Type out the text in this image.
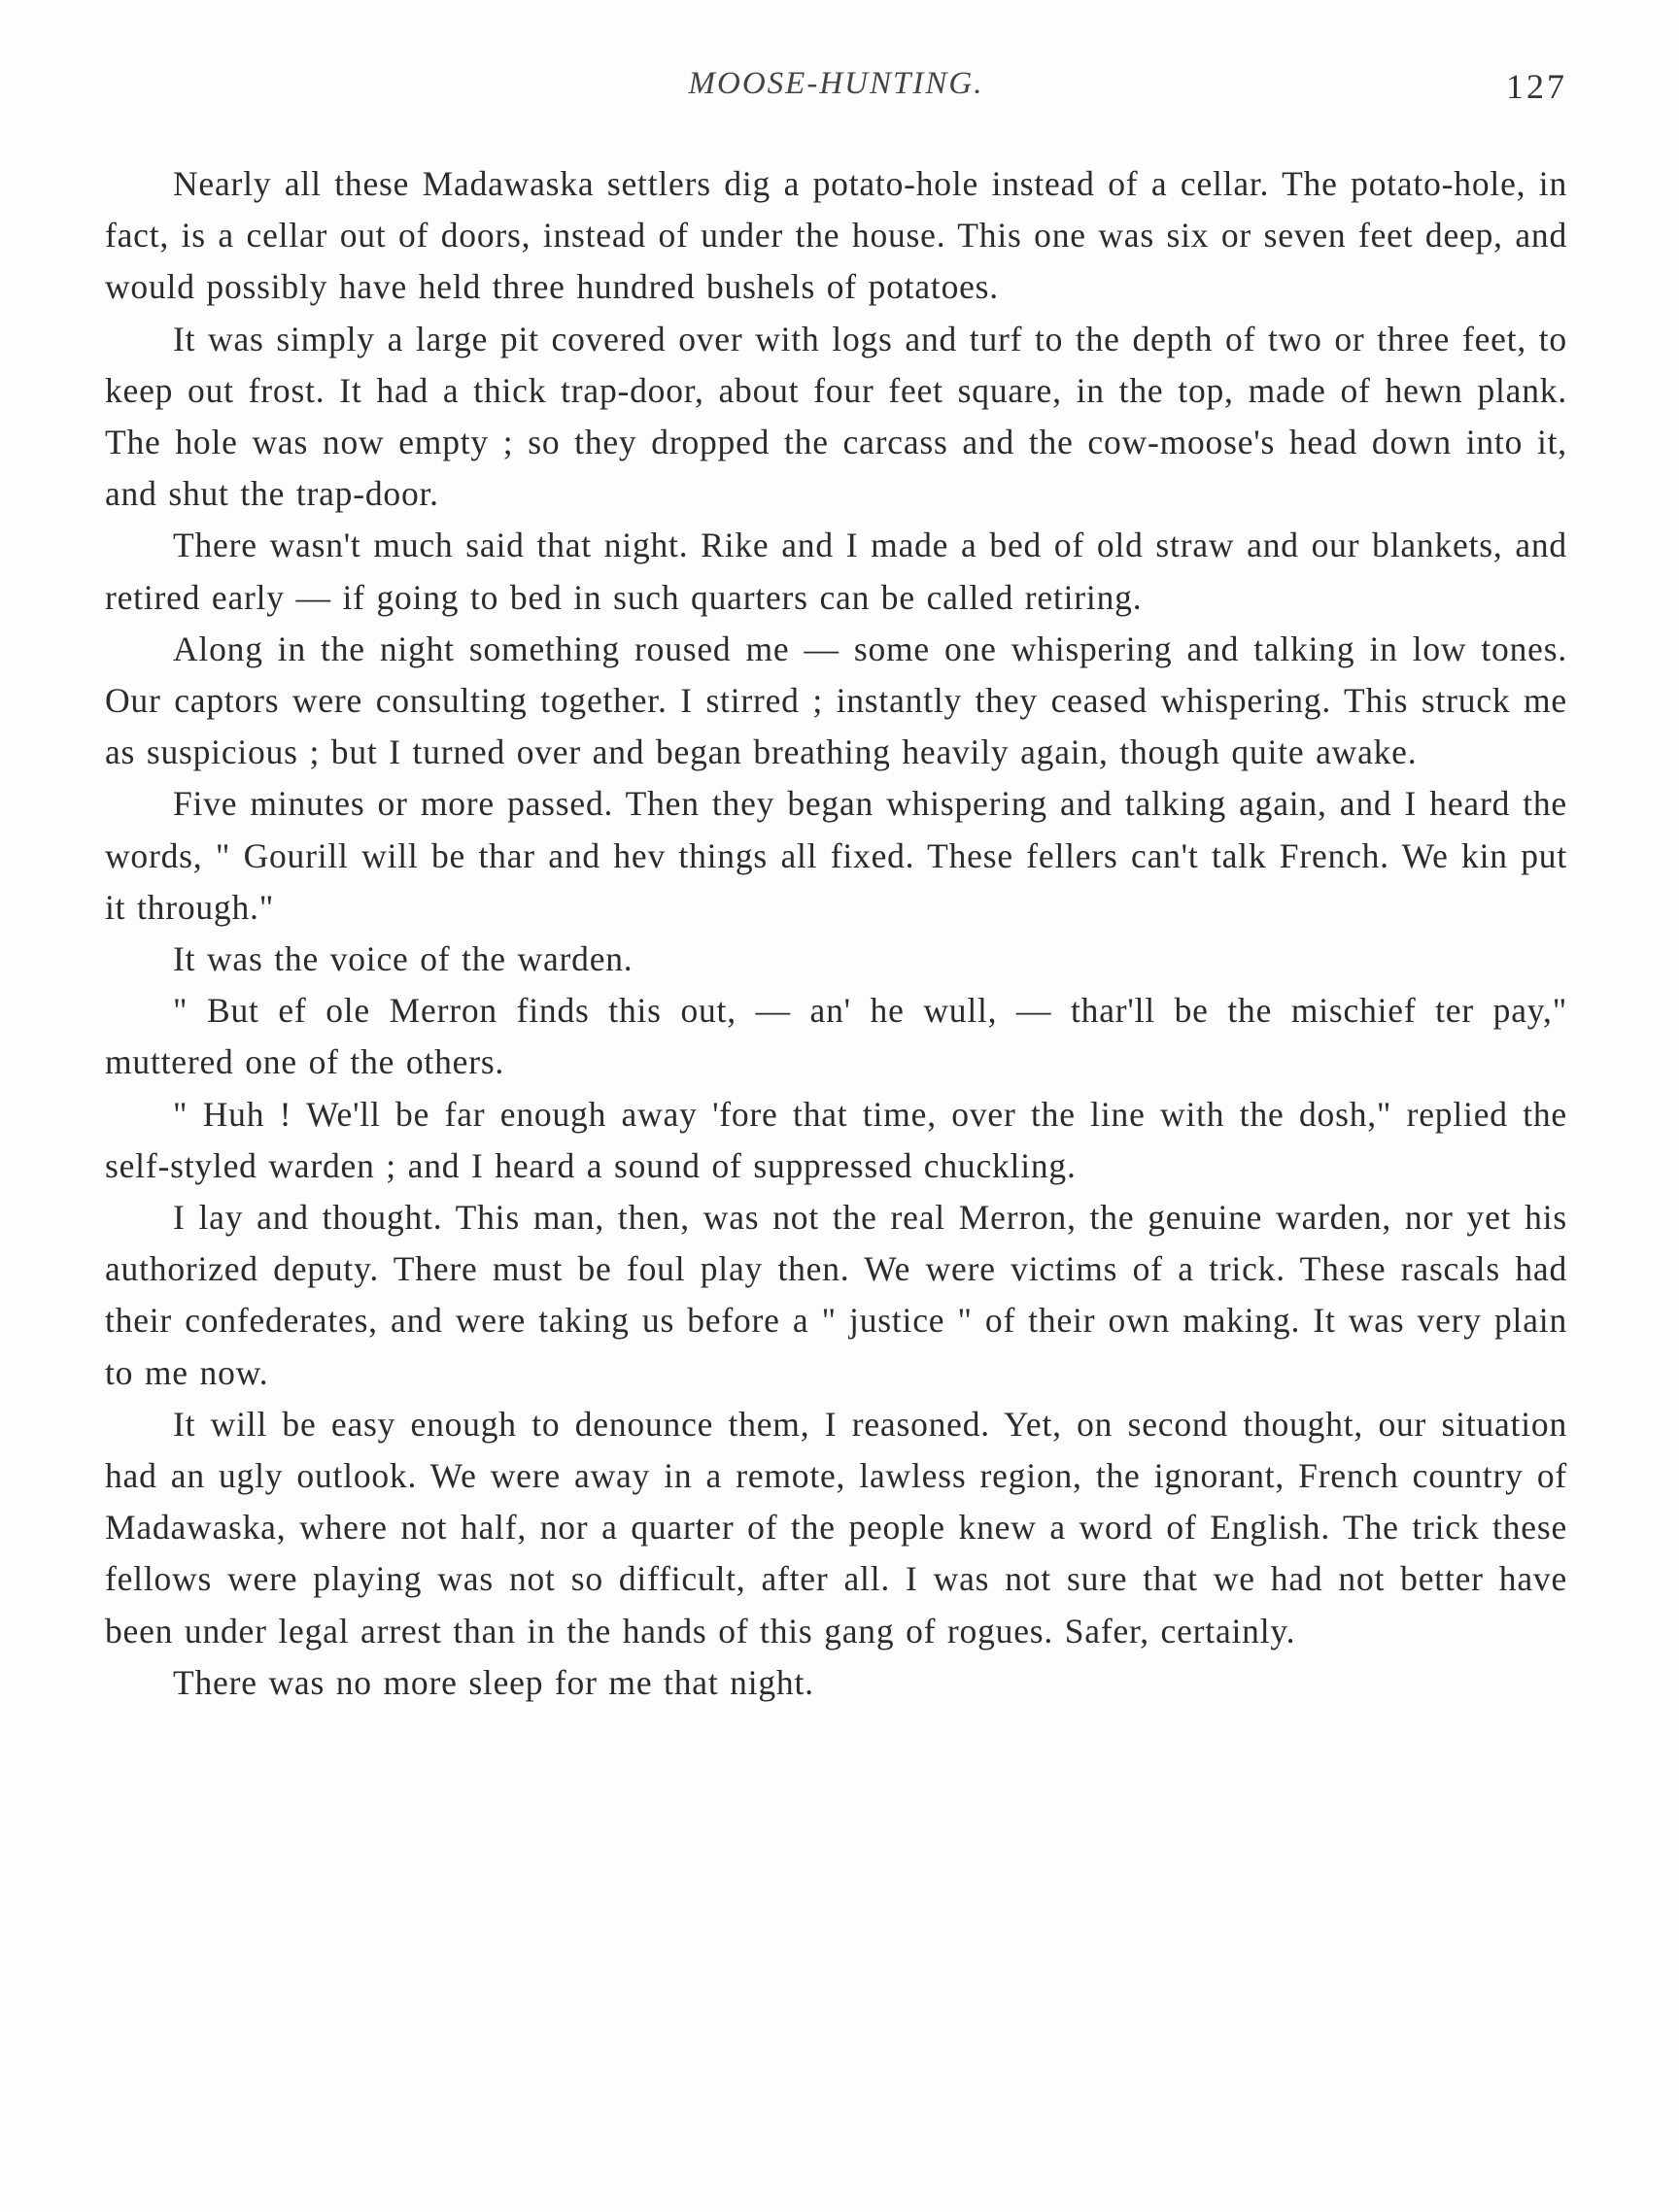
MOOSE-HUNTING.	127

Nearly all these Madawaska settlers dig a potato-hole instead of a cellar. The potato-hole, in fact, is a cellar out of doors, instead of under the house. This one was six or seven feet deep, and would possibly have held three hundred bushels of potatoes.

It was simply a large pit covered over with logs and turf to the depth of two or three feet, to keep out frost. It had a thick trap-door, about four feet square, in the top, made of hewn plank. The hole was now empty ; so they dropped the carcass and the cow-moose's head down into it, and shut the trap-door.

There wasn't much said that night. Rike and I made a bed of old straw and our blankets, and retired early — if going to bed in such quarters can be called retiring.

Along in the night something roused me — some one whispering and talking in low tones. Our captors were consulting together. I stirred ; instantly they ceased whispering. This struck me as suspicious ; but I turned over and began breathing heavily again, though quite awake.

Five minutes or more passed. Then they began whispering and talking again, and I heard the words, " Gourill will be thar and hev things all fixed. These fellers can't talk French. We kin put it through."

It was the voice of the warden.

" But ef ole Merron finds this out, — an' he wull, — thar'll be the mischief ter pay," muttered one of the others.

" Huh ! We'll be far enough away 'fore that time, over the line with the dosh," replied the self-styled warden ; and I heard a sound of suppressed chuckling.

I lay and thought. This man, then, was not the real Merron, the genuine warden, nor yet his authorized deputy. There must be foul play then. We were victims of a trick. These rascals had their confederates, and were taking us before a " justice " of their own making. It was very plain to me now.

It will be easy enough to denounce them, I reasoned. Yet, on second thought, our situation had an ugly outlook. We were away in a remote, lawless region, the ignorant, French country of Madawaska, where not half, nor a quarter of the people knew a word of English. The trick these fellows were playing was not so difficult, after all. I was not sure that we had not better have been under legal arrest than in the hands of this gang of rogues. Safer, certainly.

There was no more sleep for me that night.
